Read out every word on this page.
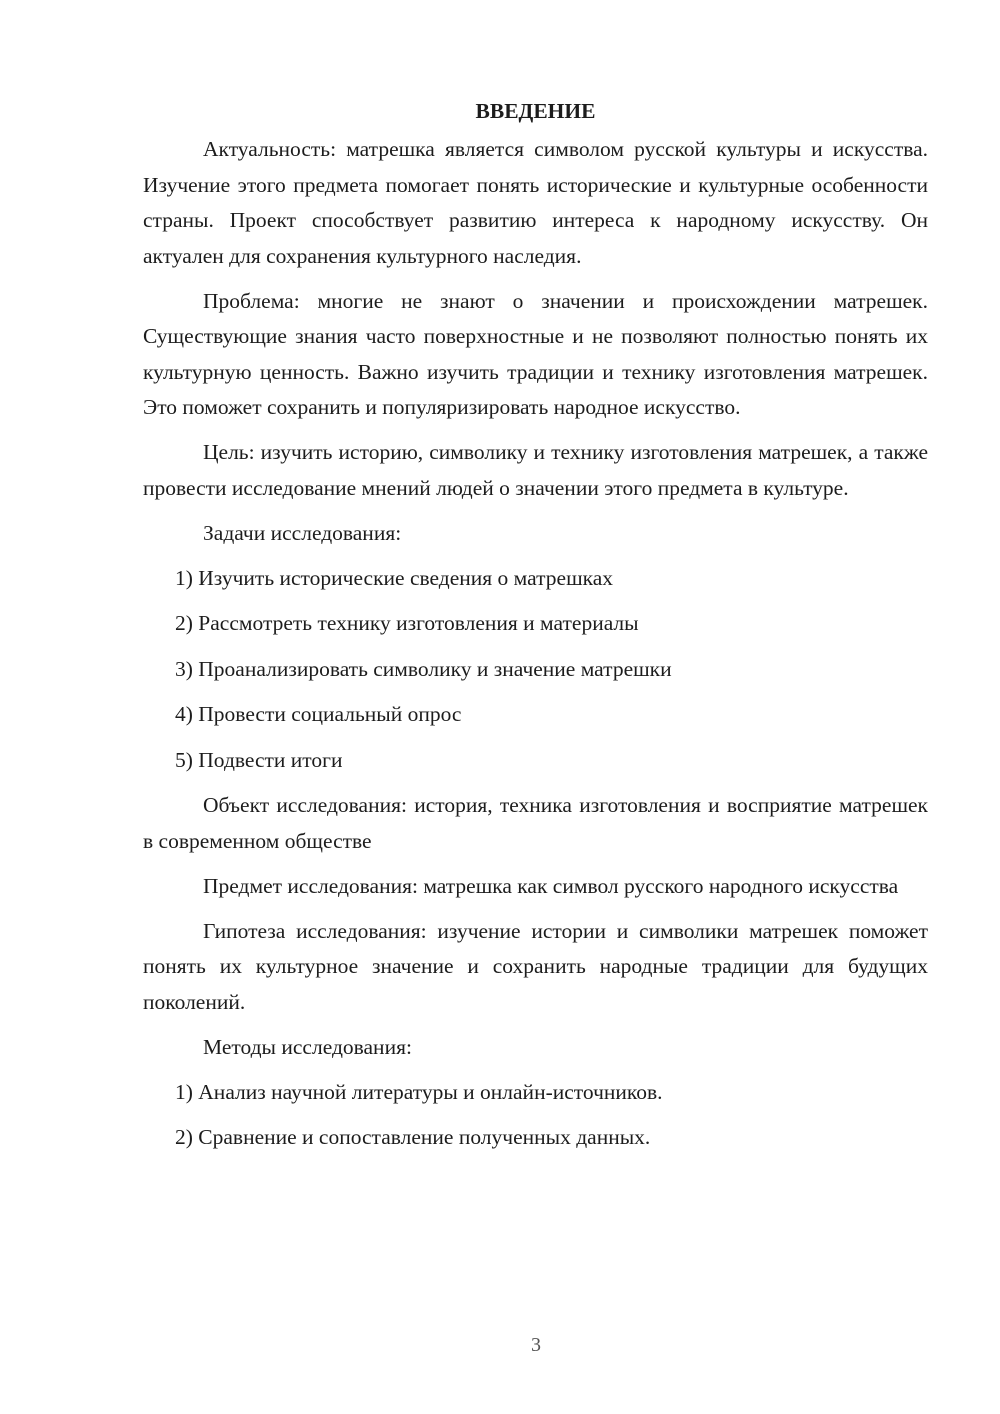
ВВЕДЕНИЕ

Актуальность: матрешка является символом русской культуры и искусства. Изучение этого предмета помогает понять исторические и культурные особенности страны. Проект способствует развитию интереса к народному искусству. Он актуален для сохранения культурного наследия.

Проблема: многие не знают о значении и происхождении матрешек. Существующие знания часто поверхностные и не позволяют полностью понять их культурную ценность. Важно изучить традиции и технику изготовления матрешек. Это поможет сохранить и популяризировать народное искусство.

Цель: изучить историю, символику и технику изготовления матрешек, а также провести исследование мнений людей о значении этого предмета в культуре.

Задачи исследования:

1) Изучить исторические сведения о матрешках
2) Рассмотреть технику изготовления и материалы
3) Проанализировать символику и значение матрешки
4) Провести социальный опрос
5) Подвести итоги

Объект исследования: история, техника изготовления и восприятие матрешек в современном обществе

Предмет исследования: матрешка как символ русского народного искусства

Гипотеза исследования: изучение истории и символики матрешек поможет понять их культурное значение и сохранить народные традиции для будущих поколений.

Методы исследования:

1) Анализ научной литературы и онлайн-источников.
2) Сравнение и сопоставление полученных данных.
3
